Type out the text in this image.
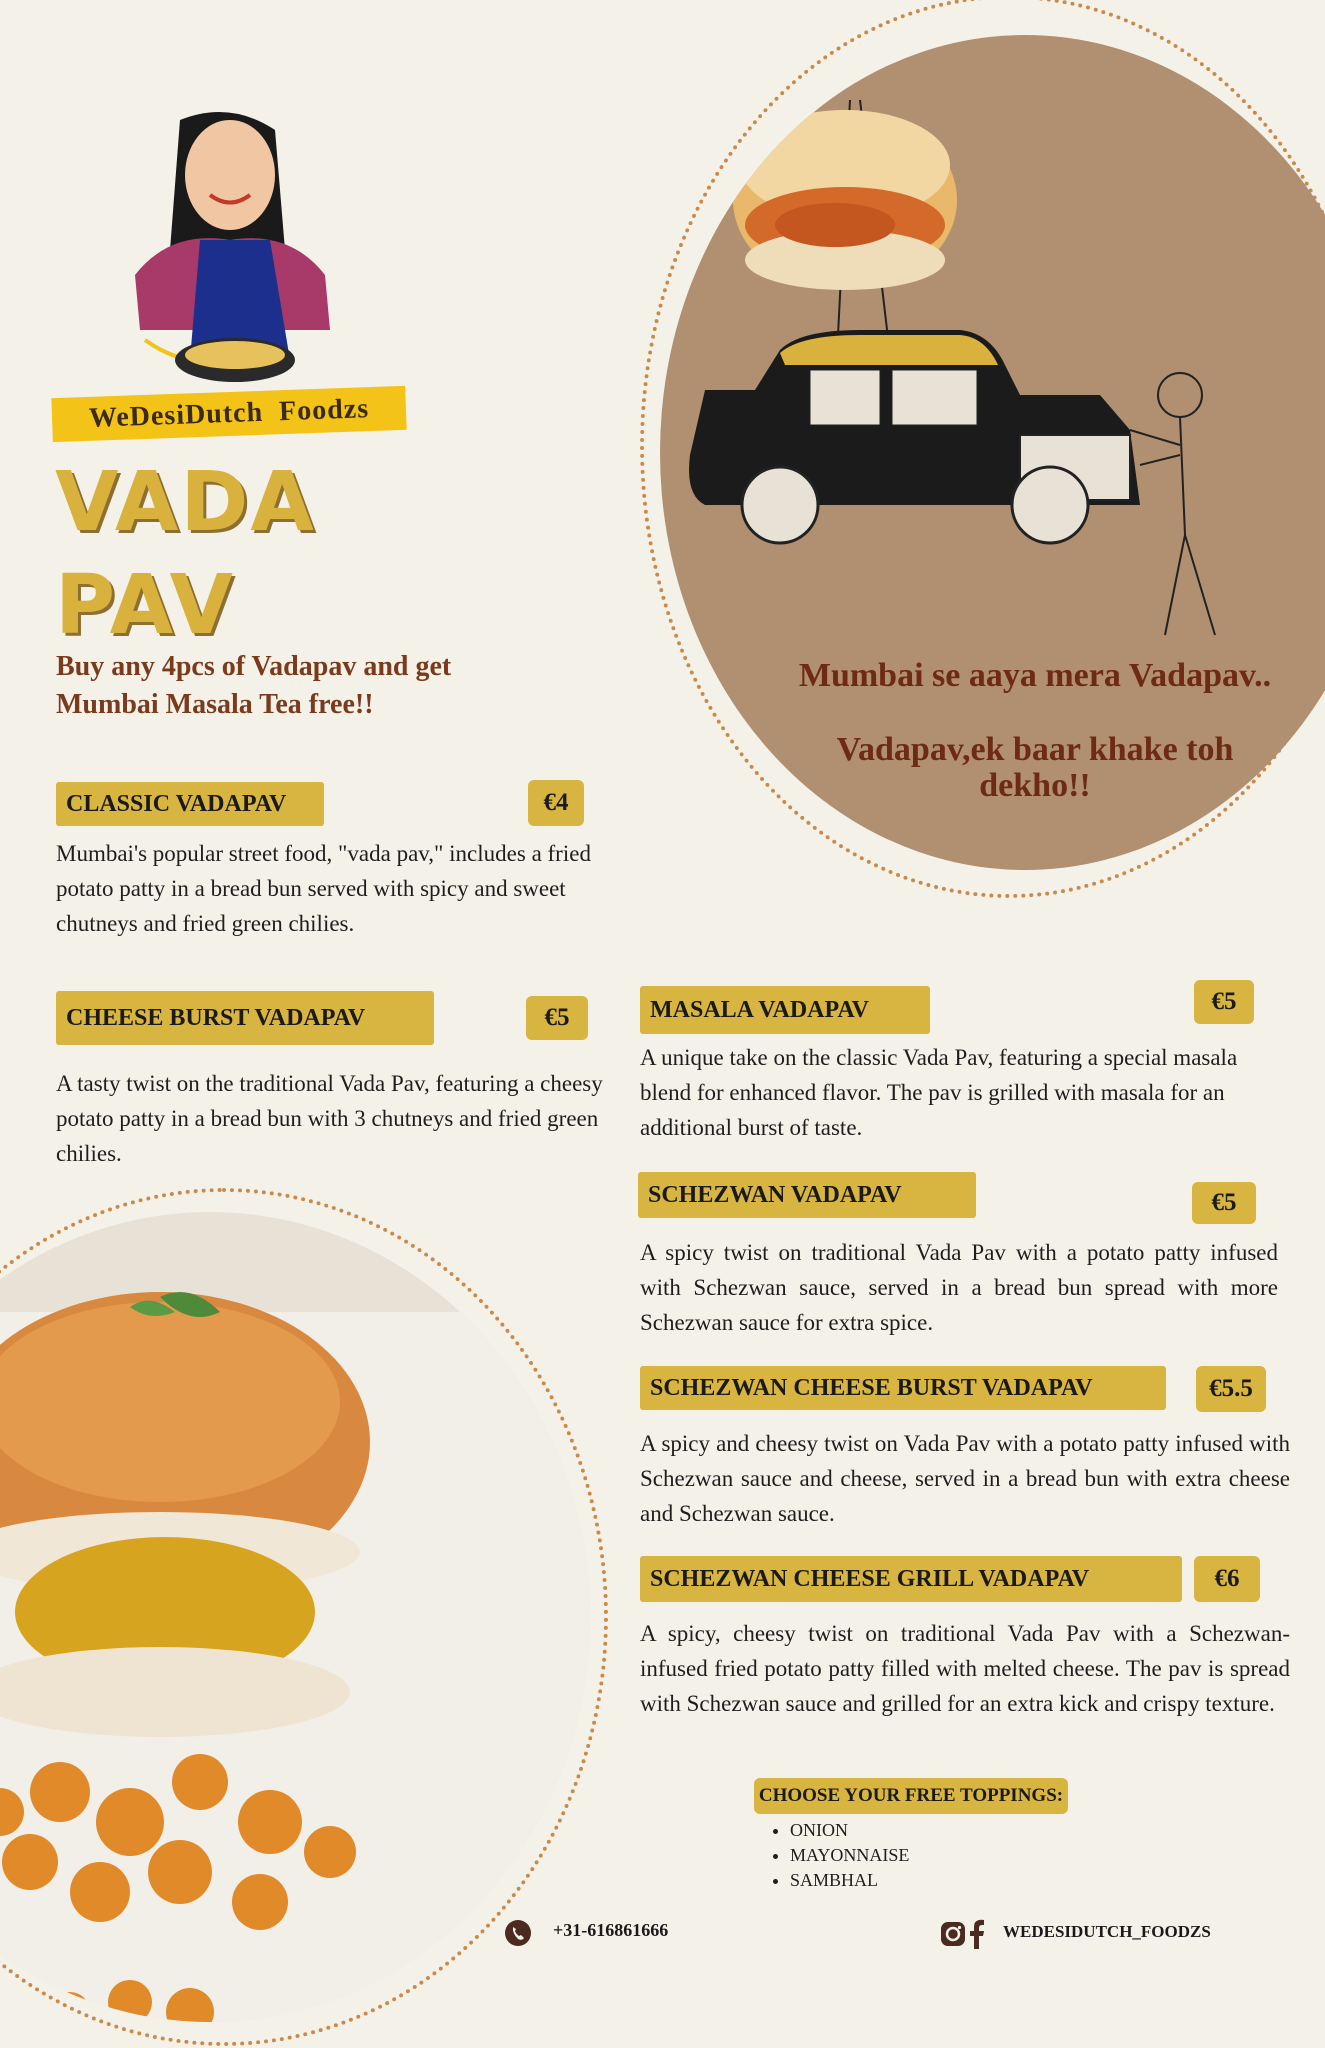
WeDesiDutch Foodzs
VADA
PAV
Buy any 4pcs of Vadapav and get Mumbai Masala Tea free!!
Mumbai se aaya mera Vadapav..
Vadapav,ek baar khake toh dekho!!
CLASSIC VADAPAV	€4
Mumbai's popular street food, "vada pav," includes a fried potato patty in a bread bun served with spicy and sweet chutneys and fried green chilies.
CHEESE BURST VADAPAV	€5
A tasty twist on the traditional Vada Pav, featuring a cheesy potato patty in a bread bun with 3 chutneys and fried green chilies.
MASALA VADAPAV	€5
A unique take on the classic Vada Pav, featuring a special masala blend for enhanced flavor. The pav is grilled with masala for an additional burst of taste.
SCHEZWAN VADAPAV	€5
A spicy twist on traditional Vada Pav with a potato patty infused with Schezwan sauce, served in a bread bun spread with more Schezwan sauce for extra spice.
SCHEZWAN CHEESE BURST VADAPAV	€5.5
A spicy and cheesy twist on Vada Pav with a potato patty infused with Schezwan sauce and cheese, served in a bread bun with extra cheese and Schezwan sauce.
SCHEZWAN CHEESE GRILL VADAPAV	€6
A spicy, cheesy twist on traditional Vada Pav with a Schezwan-infused fried potato patty filled with melted cheese. The pav is spread with Schezwan sauce and grilled for an extra kick and crispy texture.
CHOOSE YOUR FREE TOPPINGS:
• ONION
• MAYONNAISE
• SAMBHAL
+31-616861666	WEDESIDUTCH_FOODZS
